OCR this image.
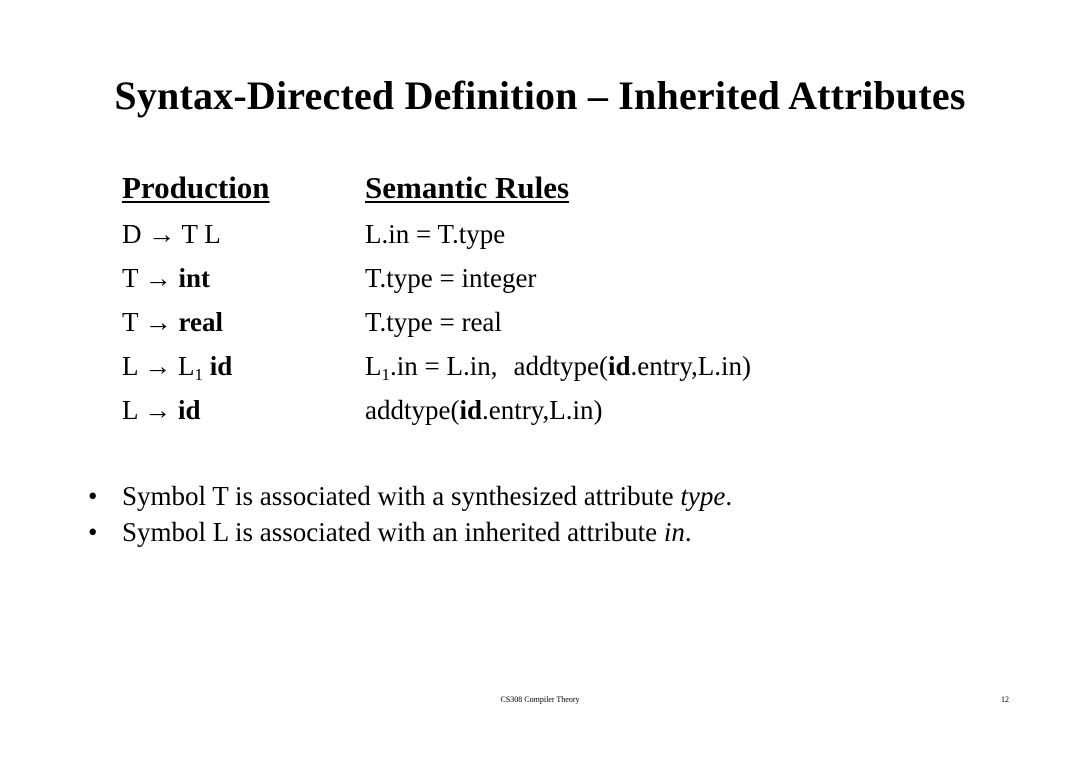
Syntax-Directed Definition – Inherited Attributes
Production	Semantic Rules
D → T L	L.in = T.type
T → int	T.type = integer
T → real	T.type = real
$L \to L_1$ id	$L_1.in = L.in$, addtype(id.entry,L.in)
L → id	addtype(id.entry,L.in)
• Symbol T is associated with a synthesized attribute type.
• Symbol L is associated with an inherited attribute in.
CS308 Compiler Theory	12
